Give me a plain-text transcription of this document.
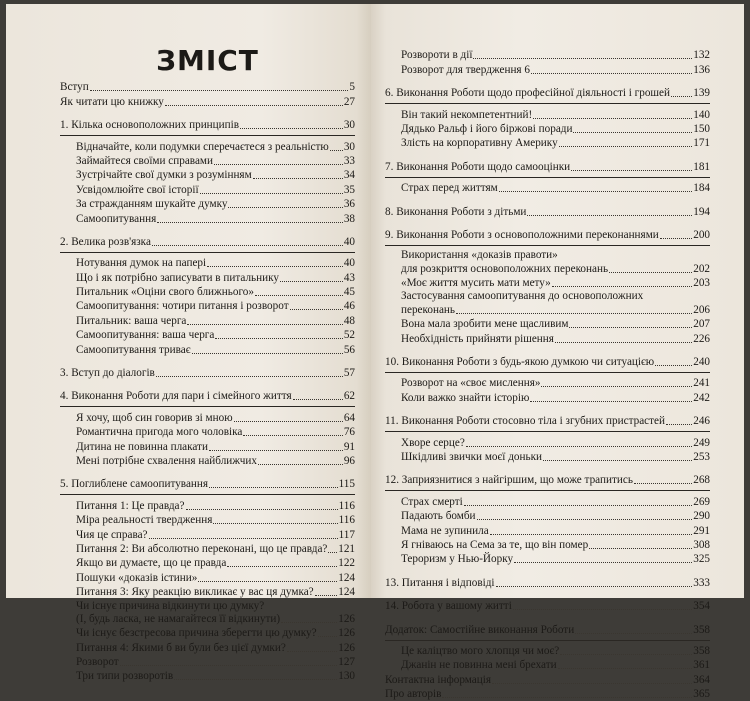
ЗМІСТ
Вступ	5
Як читати цю книжку	27
1. Кілька основоположних принципів	30
Відначайте, коли подумки сперечаєтеся з реальністю 30
Займайтеся своїми справами	33
Зустрічайте свої думки з розумінням	34
Усвідомлюйте свої історії	35
За стражданням шукайте думку	36
Самоопитування	38
2. Велика розв'язка	40
Нотування думок на папері	40
Що і як потрібно записувати в питальнику	43
Питальник «Оціни свого ближнього»	45
Самоопитування: чотири питання і розворот	46
Питальник: ваша черга	48
Самоопитування: ваша черга	52
Самоопитування триває	56
3. Вступ до діалогів	57
4. Виконання Роботи для пари і сімейного життя	62
Я хочу, щоб син говорив зі мною	64
Романтична пригода мого чоловіка	76
Дитина не повинна плакати	91
Мені потрібне схвалення найближчих	96
5. Поглиблене самоопитування	115
Питання 1: Це правда?	116
Міра реальності твердження	116
Чия це справа?	117
Питання 2: Ви абсолютно переконані, що це правда? 121
Якщо ви думаєте, що це правда	122
Пошуки «доказів істини»	124
Питання 3: Яку реакцію викликає у вас ця думка? 124
Чи існує причина відкинути цю думку?
(І, будь ласка, не намагайтеся її відкинути)	126
Чи існує безстресова причина зберегти цю думку? 126
Питання 4: Якими б ви були без цієї думки?	126
Розворот	127
Три типи розворотів	130
Розвороти в дії	132
Розворот для твердження 6	136
6. Виконання Роботи щодо професійної діяльності і грошей 139
Він такий некомпетентний!	140
Дядько Ральф і його біржові поради	150
Злість на корпоративну Америку	171
7. Виконання Роботи щодо самооцінки	181
Страх перед життям	184
8. Виконання Роботи з дітьми	194
9. Виконання Роботи з основоположними переконаннями	200
Використання «доказів правоти»
для розкриття основоположних переконань	202
«Моє життя мусить мати мету»	203
Застосування самоопитування до основоположних
переконань	206
Вона мала зробити мене щасливим	207
Необхідність прийняти рішення	226
10. Виконання Роботи з будь-якою думкою чи ситуацією	240
Розворот на «своє мислення»	241
Коли важко знайти історію	242
11. Виконання Роботи стосовно тіла і згубних пристрастей	246
Хворе серце?	249
Шкідливі звички моєї доньки	253
12. Заприязнитися з найгіршим, що може трапитись	268
Страх смерті	269
Падають бомби	290
Мама не зупинила	291
Я гніваюсь на Сема за те, що він помер	308
Тероризм у Нью-Йорку	325
13. Питання і відповіді	333
14. Робота у вашому житті	354
Додаток: Самостійне виконання Роботи	358
Це каліцтво мого хлопця чи моє?	358
Джанін не повинна мені брехати	361
Контактна інформація	364
Про авторів	365
